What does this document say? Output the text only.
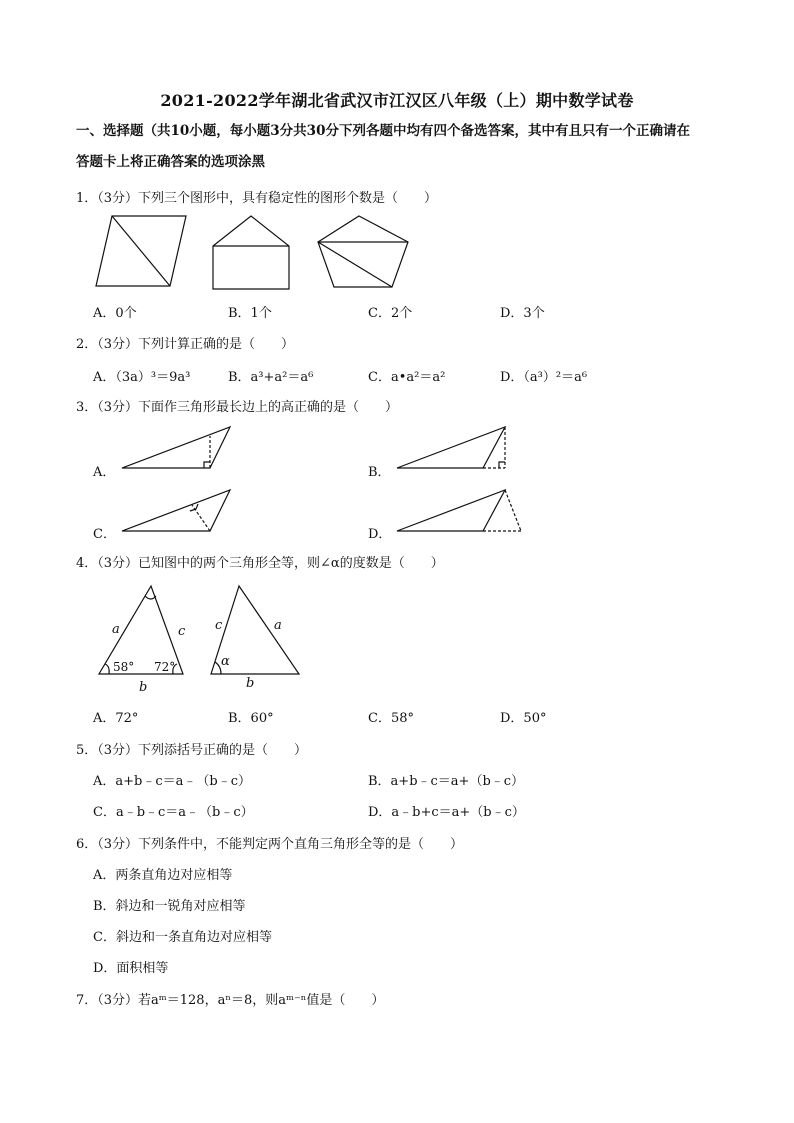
2021-2022学年湖北省武汉市江汉区八年级（上）期中数学试卷
一、选择题（共10小题，每小题3分共30分下列各题中均有四个备选答案，其中有且只有一个正确请在
答题卡上将正确答案的选项涂黑
1．（3分）下列三个图形中，具有稳定性的图形个数是（　　）
A．0个	B．1个	C．2个	D．3个
2．（3分）下列计算正确的是（　　）
A．（3a）³＝9a³	B．a³+a²＝a⁶	C．a•a²＝a²	D．（a³）²＝a⁶
3．（3分）下面作三角形最长边上的高正确的是（　　）
A．	B．
C．	D．
4．（3分）已知图中的两个三角形全等，则∠α的度数是（　　）
a	c
58° 72°
b
c	a
α
b
A．72°	B．60°	C．58°	D．50°
5．（3分）下列添括号正确的是（　　）
A．a+b﹣c＝a﹣（b﹣c）	B．a+b﹣c＝a+（b﹣c）
C．a﹣b﹣c＝a﹣（b﹣c）	D．a﹣b+c＝a+（b﹣c）
6．（3分）下列条件中，不能判定两个直角三角形全等的是（　　）
A．两条直角边对应相等
B．斜边和一锐角对应相等
C．斜边和一条直角边对应相等
D．面积相等
7．（3分）若aᵐ＝128，aⁿ＝8，则aᵐ⁻ⁿ值是（　　）
